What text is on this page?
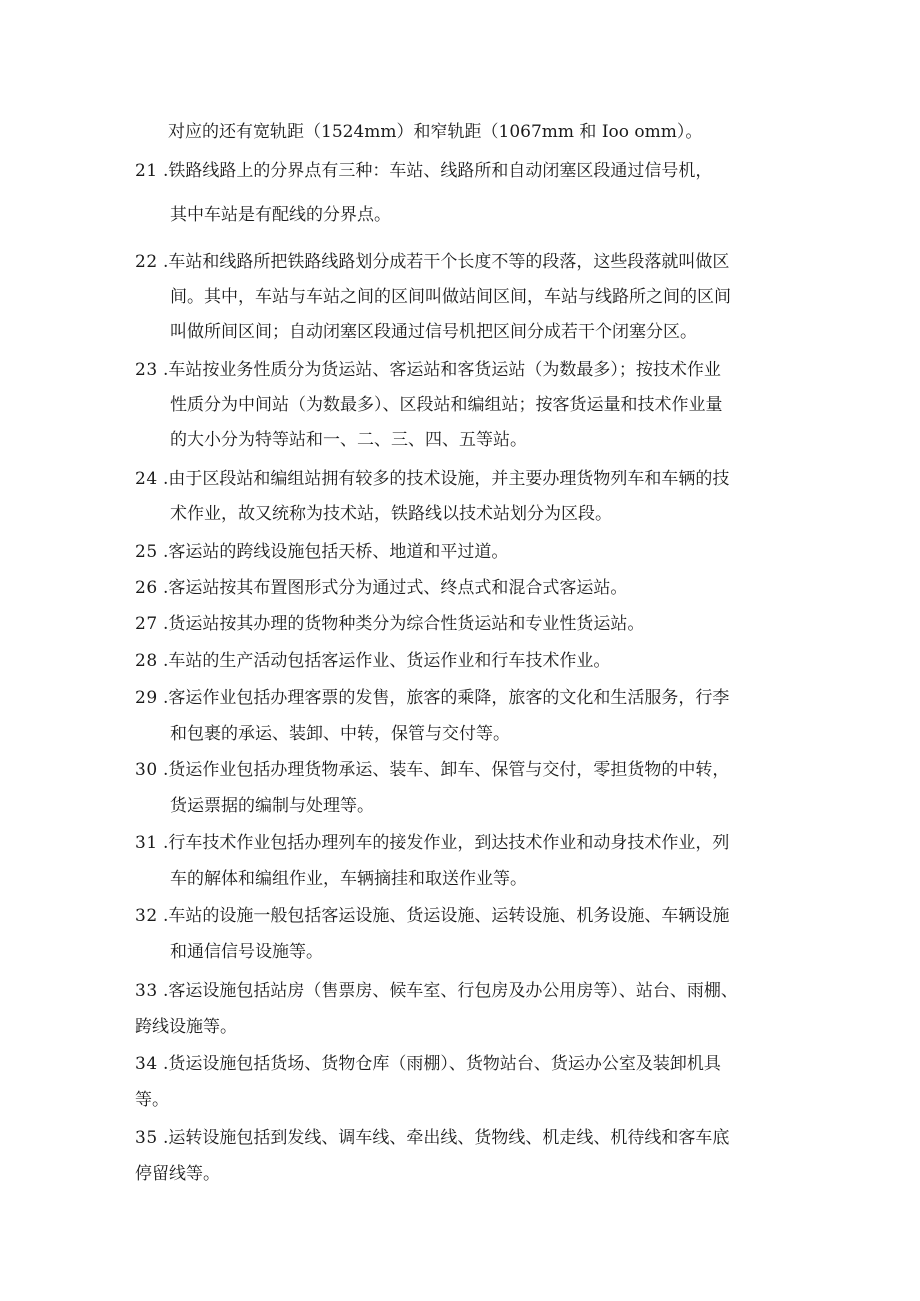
对应的还有宽轨距（1524mm）和窄轨距（1067mm 和 Ioo omm）。
21 .铁路线路上的分界点有三种：车站、线路所和自动闭塞区段通过信号机，
其中车站是有配线的分界点。
22 .车站和线路所把铁路线路划分成若干个长度不等的段落，这些段落就叫做区
间。其中，车站与车站之间的区间叫做站间区间，车站与线路所之间的区间
叫做所间区间；自动闭塞区段通过信号机把区间分成若干个闭塞分区。
23 .车站按业务性质分为货运站、客运站和客货运站（为数最多）；按技术作业
性质分为中间站（为数最多）、区段站和编组站；按客货运量和技术作业量
的大小分为特等站和一、二、三、四、五等站。
24 .由于区段站和编组站拥有较多的技术设施，并主要办理货物列车和车辆的技
术作业，故又统称为技术站，铁路线以技术站划分为区段。
25 .客运站的跨线设施包括天桥、地道和平过道。
26 .客运站按其布置图形式分为通过式、终点式和混合式客运站。
27 .货运站按其办理的货物种类分为综合性货运站和专业性货运站。
28 .车站的生产活动包括客运作业、货运作业和行车技术作业。
29 .客运作业包括办理客票的发售，旅客的乘降，旅客的文化和生活服务，行李
和包裹的承运、装卸、中转，保管与交付等。
30 .货运作业包括办理货物承运、装车、卸车、保管与交付，零担货物的中转，
货运票据的编制与处理等。
31 .行车技术作业包括办理列车的接发作业，到达技术作业和动身技术作业，列
车的解体和编组作业，车辆摘挂和取送作业等。
32 .车站的设施一般包括客运设施、货运设施、运转设施、机务设施、车辆设施
和通信信号设施等。
33 .客运设施包括站房（售票房、候车室、行包房及办公用房等）、站台、雨棚、
跨线设施等。
34 .货运设施包括货场、货物仓库（雨棚）、货物站台、货运办公室及装卸机具
等。
35 .运转设施包括到发线、调车线、牵出线、货物线、机走线、机待线和客车底
停留线等。
